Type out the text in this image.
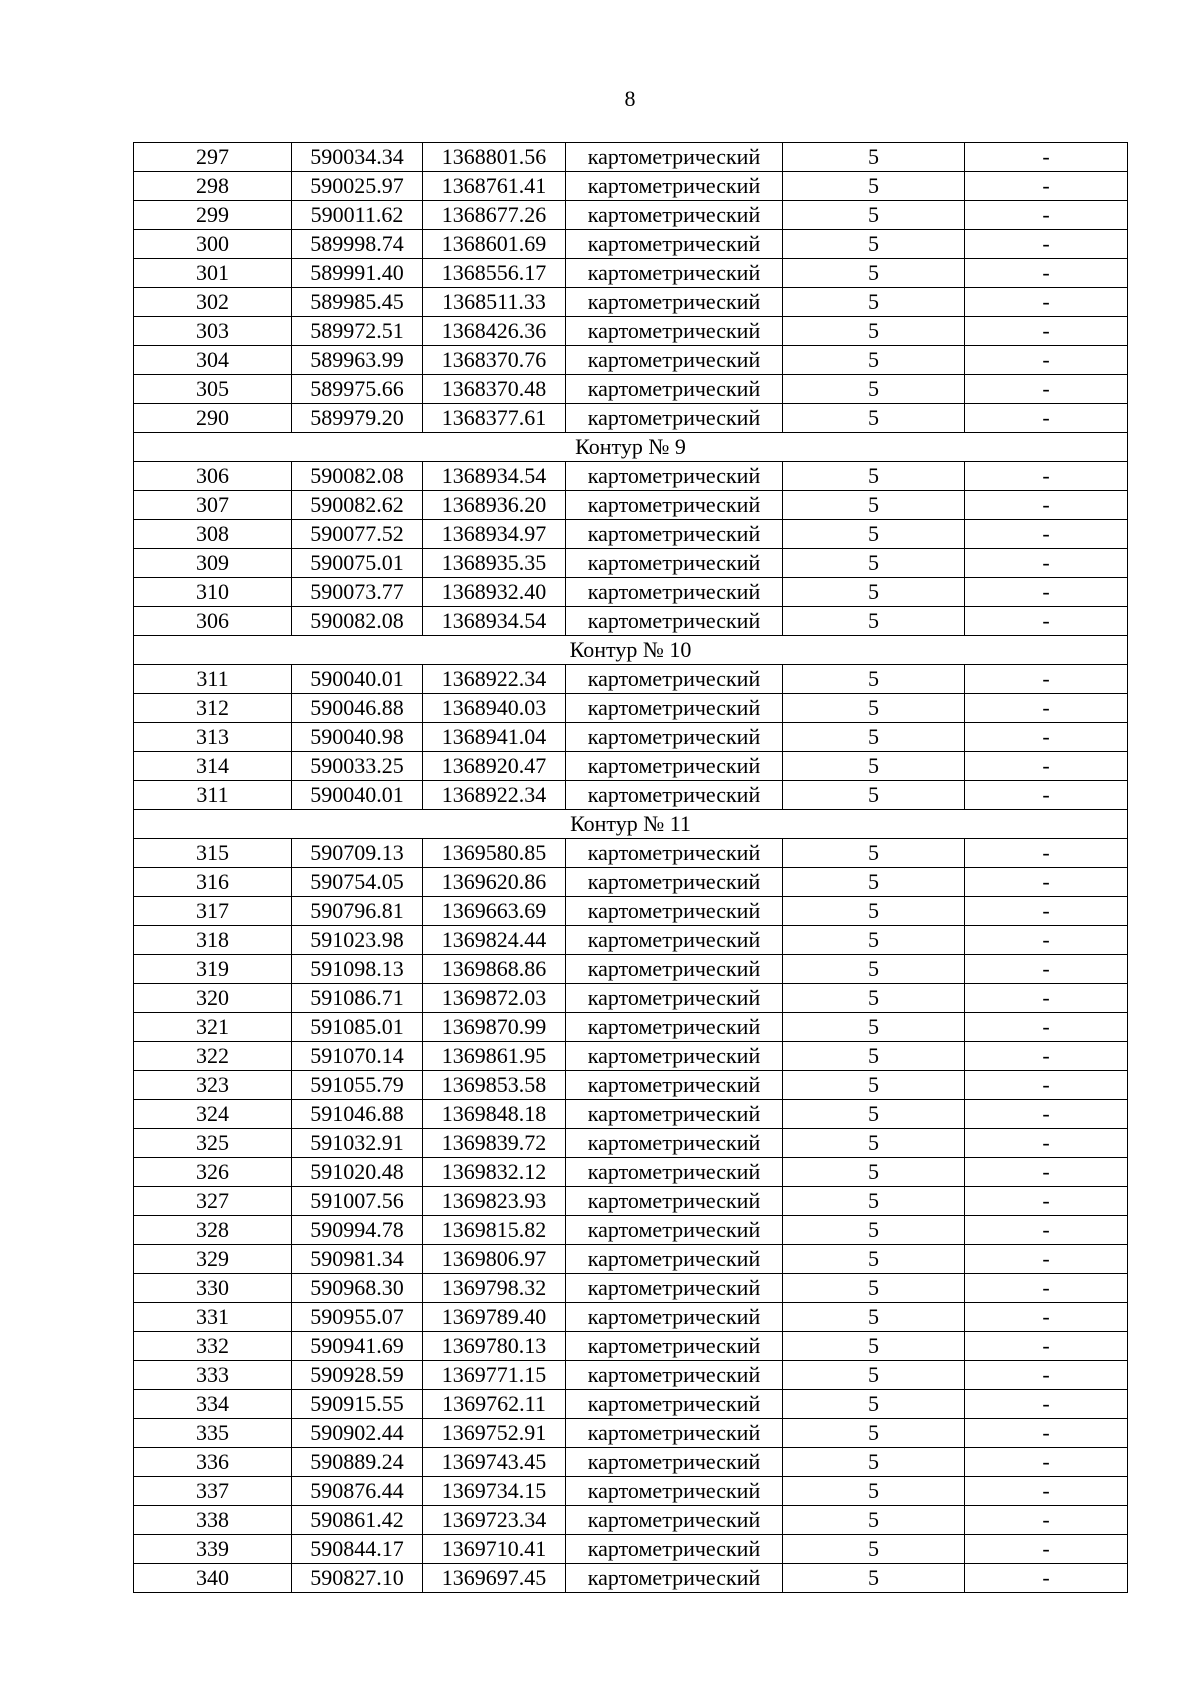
8
297	590034.34	1368801.56	картометрический	5	-
298	590025.97	1368761.41	картометрический	5	-
299	590011.62	1368677.26	картометрический	5	-
300	589998.74	1368601.69	картометрический	5	-
301	589991.40	1368556.17	картометрический	5	-
302	589985.45	1368511.33	картометрический	5	-
303	589972.51	1368426.36	картометрический	5	-
304	589963.99	1368370.76	картометрический	5	-
305	589975.66	1368370.48	картометрический	5	-
290	589979.20	1368377.61	картометрический	5	-
Контур № 9					
306	590082.08	1368934.54	картометрический	5	-
307	590082.62	1368936.20	картометрический	5	-
308	590077.52	1368934.97	картометрический	5	-
309	590075.01	1368935.35	картометрический	5	-
310	590073.77	1368932.40	картометрический	5	-
306	590082.08	1368934.54	картометрический	5	-
Контур № 10					
311	590040.01	1368922.34	картометрический	5	-
312	590046.88	1368940.03	картометрический	5	-
313	590040.98	1368941.04	картометрический	5	-
314	590033.25	1368920.47	картометрический	5	-
311	590040.01	1368922.34	картометрический	5	-
Контур № 11					
315	590709.13	1369580.85	картометрический	5	-
316	590754.05	1369620.86	картометрический	5	-
317	590796.81	1369663.69	картометрический	5	-
318	591023.98	1369824.44	картометрический	5	-
319	591098.13	1369868.86	картометрический	5	-
320	591086.71	1369872.03	картометрический	5	-
321	591085.01	1369870.99	картометрический	5	-
322	591070.14	1369861.95	картометрический	5	-
323	591055.79	1369853.58	картометрический	5	-
324	591046.88	1369848.18	картометрический	5	-
325	591032.91	1369839.72	картометрический	5	-
326	591020.48	1369832.12	картометрический	5	-
327	591007.56	1369823.93	картометрический	5	-
328	590994.78	1369815.82	картометрический	5	-
329	590981.34	1369806.97	картометрический	5	-
330	590968.30	1369798.32	картометрический	5	-
331	590955.07	1369789.40	картометрический	5	-
332	590941.69	1369780.13	картометрический	5	-
333	590928.59	1369771.15	картометрический	5	-
334	590915.55	1369762.11	картометрический	5	-
335	590902.44	1369752.91	картометрический	5	-
336	590889.24	1369743.45	картометрический	5	-
337	590876.44	1369734.15	картометрический	5	-
338	590861.42	1369723.34	картометрический	5	-
339	590844.17	1369710.41	картометрический	5	-
340	590827.10	1369697.45	картометрический	5	-
